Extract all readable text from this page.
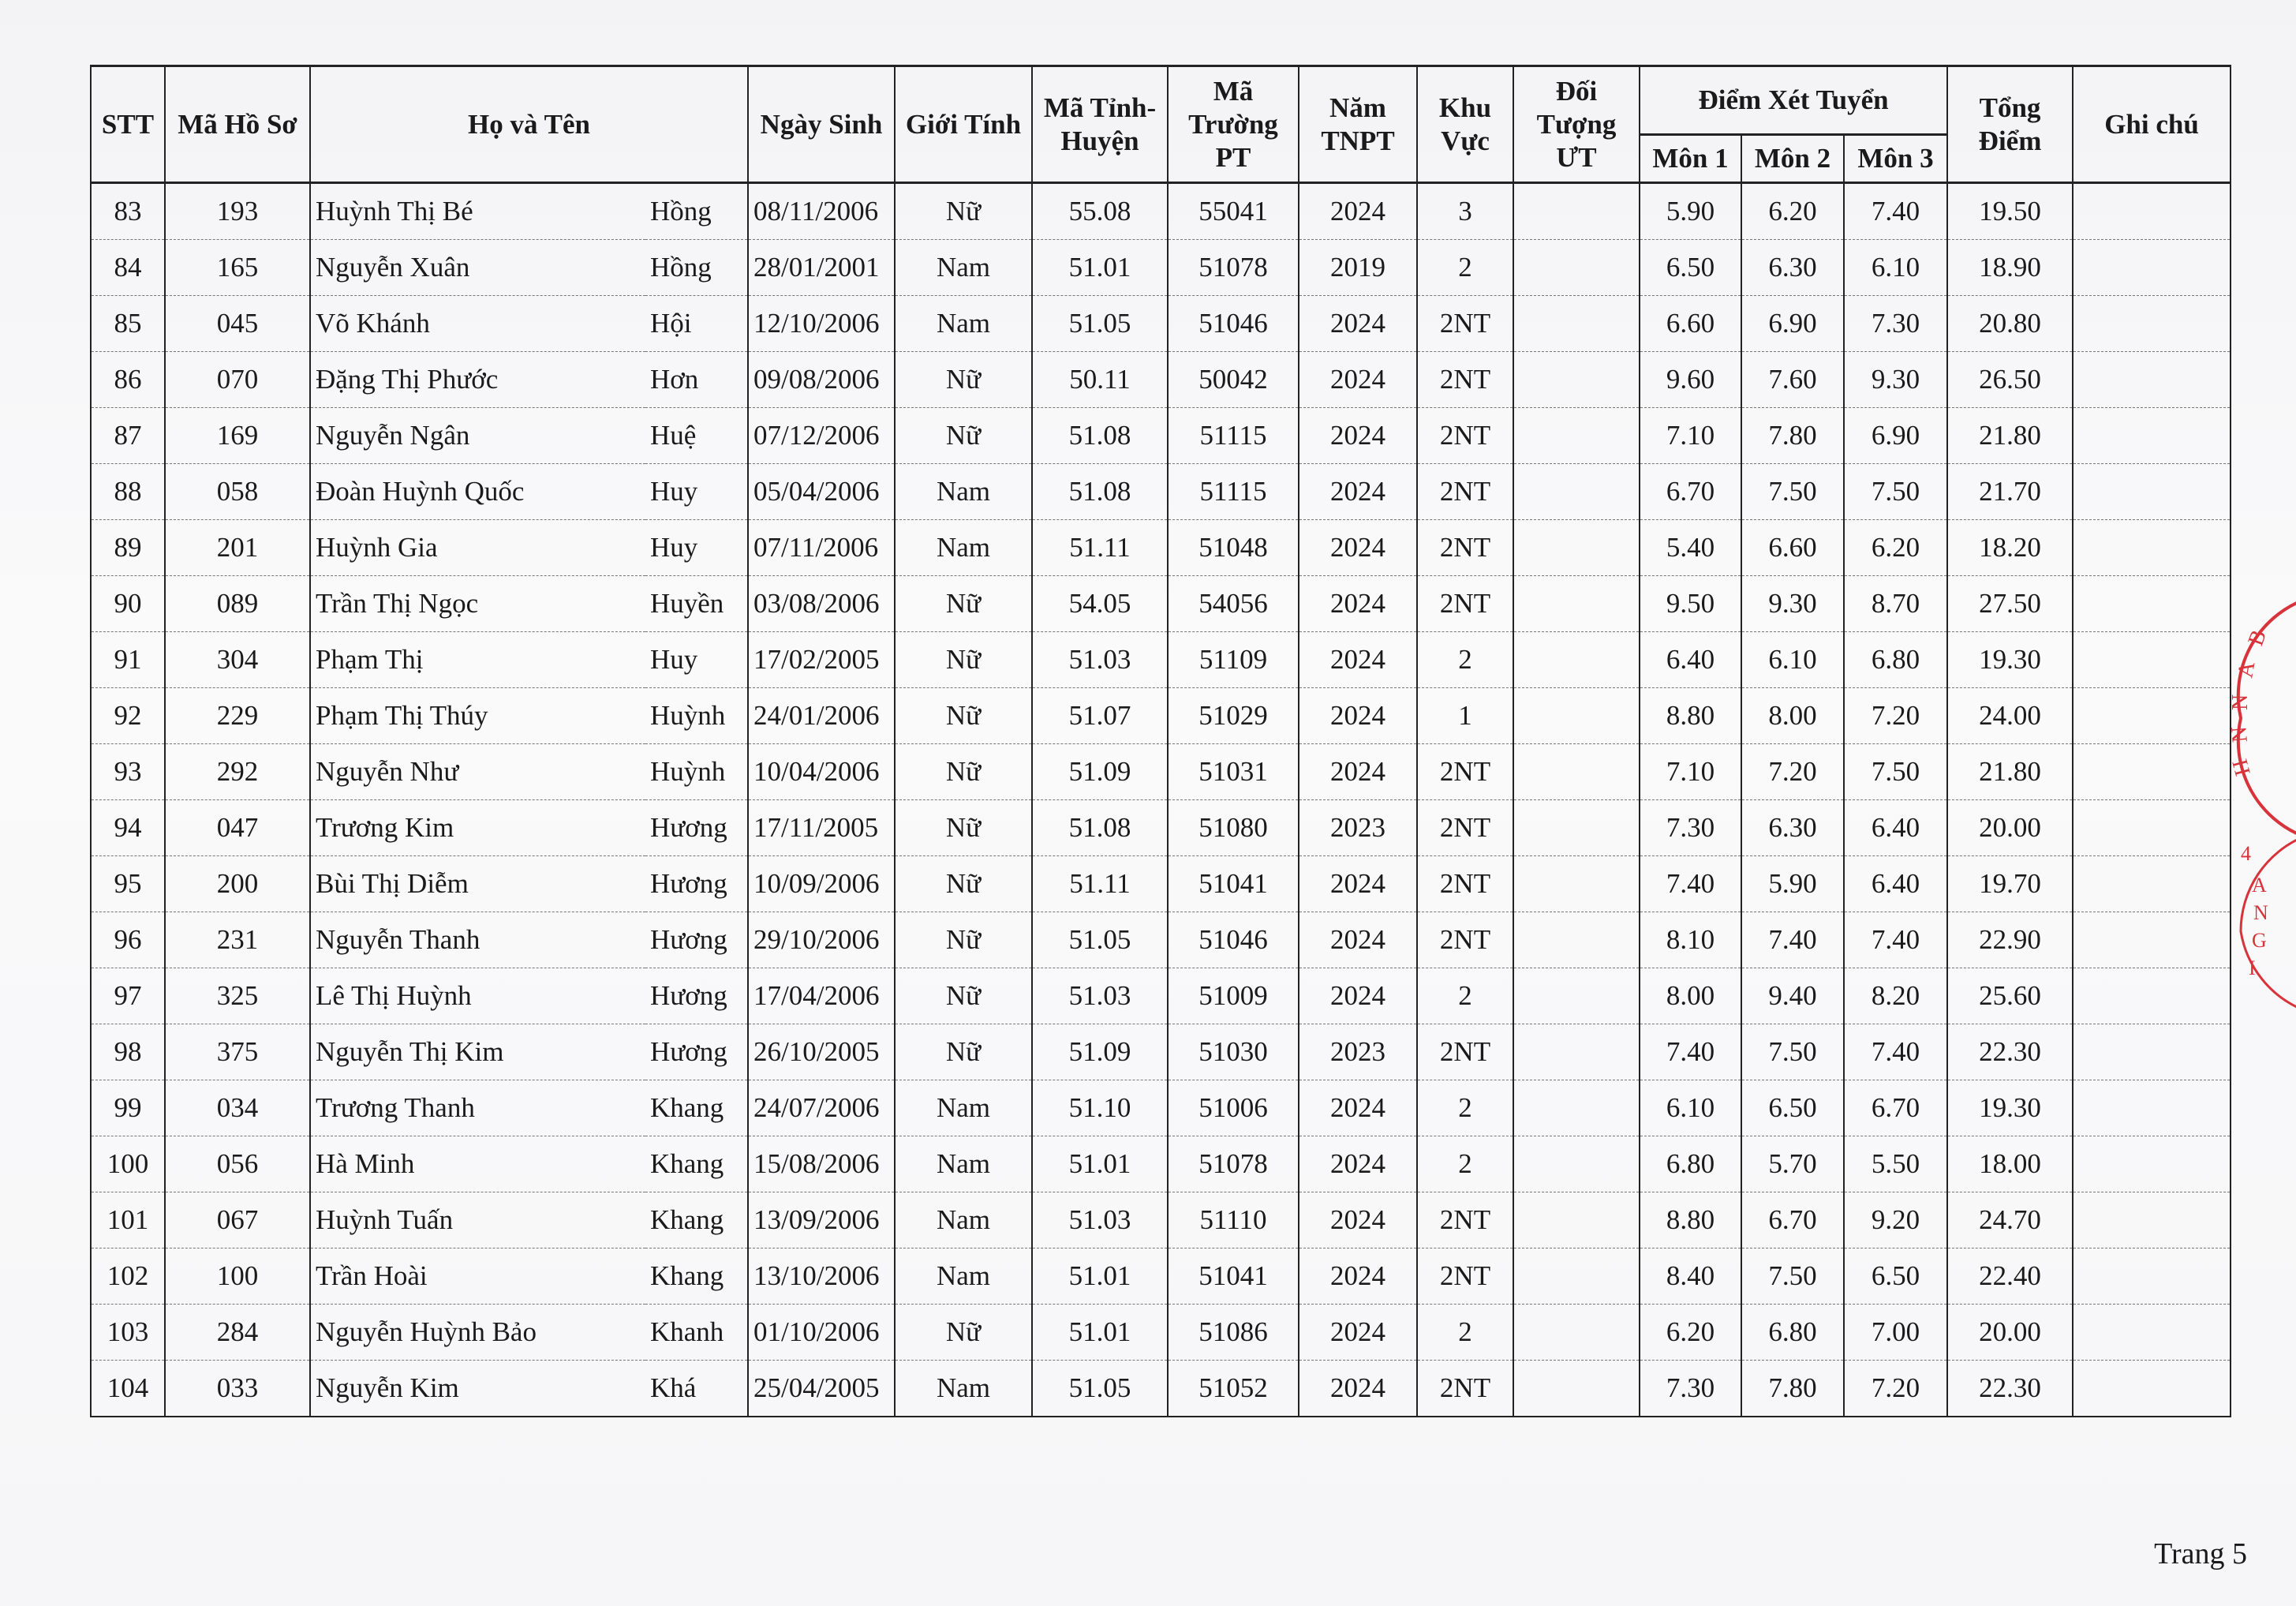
STT	Mã Hồ Sơ	Họ và Tên		Ngày Sinh	Giới Tính	Mã Tỉnh-Huyện	Mã Trường PT	Năm TNPT	Khu Vực	Đối Tượng ƯT	Điểm Xét Tuyển			Tổng Điểm	Ghi chú
											Môn 1	Môn 2	Môn 3		
83	193	Huỳnh Thị Bé	Hồng	08/11/2006	Nữ	55.08	55041	2024	3		5.90	6.20	7.40	19.50	
84	165	Nguyễn Xuân	Hồng	28/01/2001	Nam	51.01	51078	2019	2		6.50	6.30	6.10	18.90	
85	045	Võ Khánh	Hội	12/10/2006	Nam	51.05	51046	2024	2NT		6.60	6.90	7.30	20.80	
86	070	Đặng Thị Phước	Hơn	09/08/2006	Nữ	50.11	50042	2024	2NT		9.60	7.60	9.30	26.50	
87	169	Nguyễn Ngân	Huệ	07/12/2006	Nữ	51.08	51115	2024	2NT		7.10	7.80	6.90	21.80	
88	058	Đoàn Huỳnh Quốc	Huy	05/04/2006	Nam	51.08	51115	2024	2NT		6.70	7.50	7.50	21.70	
89	201	Huỳnh Gia	Huy	07/11/2006	Nam	51.11	51048	2024	2NT		5.40	6.60	6.20	18.20	
90	089	Trần Thị Ngọc	Huyền	03/08/2006	Nữ	54.05	54056	2024	2NT		9.50	9.30	8.70	27.50	
91	304	Phạm Thị	Huy	17/02/2005	Nữ	51.03	51109	2024	2		6.40	6.10	6.80	19.30	
92	229	Phạm Thị Thúy	Huỳnh	24/01/2006	Nữ	51.07	51029	2024	1		8.80	8.00	7.20	24.00	
93	292	Nguyễn Như	Huỳnh	10/04/2006	Nữ	51.09	51031	2024	2NT		7.10	7.20	7.50	21.80	
94	047	Trương Kim	Hương	17/11/2005	Nữ	51.08	51080	2023	2NT		7.30	6.30	6.40	20.00	
95	200	Bùi Thị Diễm	Hương	10/09/2006	Nữ	51.11	51041	2024	2NT		7.40	5.90	6.40	19.70	
96	231	Nguyễn Thanh	Hương	29/10/2006	Nữ	51.05	51046	2024	2NT		8.10	7.40	7.40	22.90	
97	325	Lê Thị Huỳnh	Hương	17/04/2006	Nữ	51.03	51009	2024	2		8.00	9.40	8.20	25.60	
98	375	Nguyễn Thị Kim	Hương	26/10/2005	Nữ	51.09	51030	2023	2NT		7.40	7.50	7.40	22.30	
99	034	Trương Thanh	Khang	24/07/2006	Nam	51.10	51006	2024	2		6.10	6.50	6.70	19.30	
100	056	Hà Minh	Khang	15/08/2006	Nam	51.01	51078	2024	2		6.80	5.70	5.50	18.00	
101	067	Huỳnh Tuấn	Khang	13/09/2006	Nam	51.03	51110	2024	2NT		8.80	6.70	9.20	24.70	
102	100	Trần Hoài	Khang	13/10/2006	Nam	51.01	51041	2024	2NT		8.40	7.50	6.50	22.40	
103	284	Nguyễn Huỳnh Bảo	Khanh	01/10/2006	Nữ	51.01	51086	2024	2		6.20	6.80	7.00	20.00	
104	033	Nguyễn Kim	Khá	25/04/2005	Nam	51.05	51052	2024	2NT		7.30	7.80	7.20	22.30	
B
A
N
N
H
4
A
N
G
I
Trang 5
